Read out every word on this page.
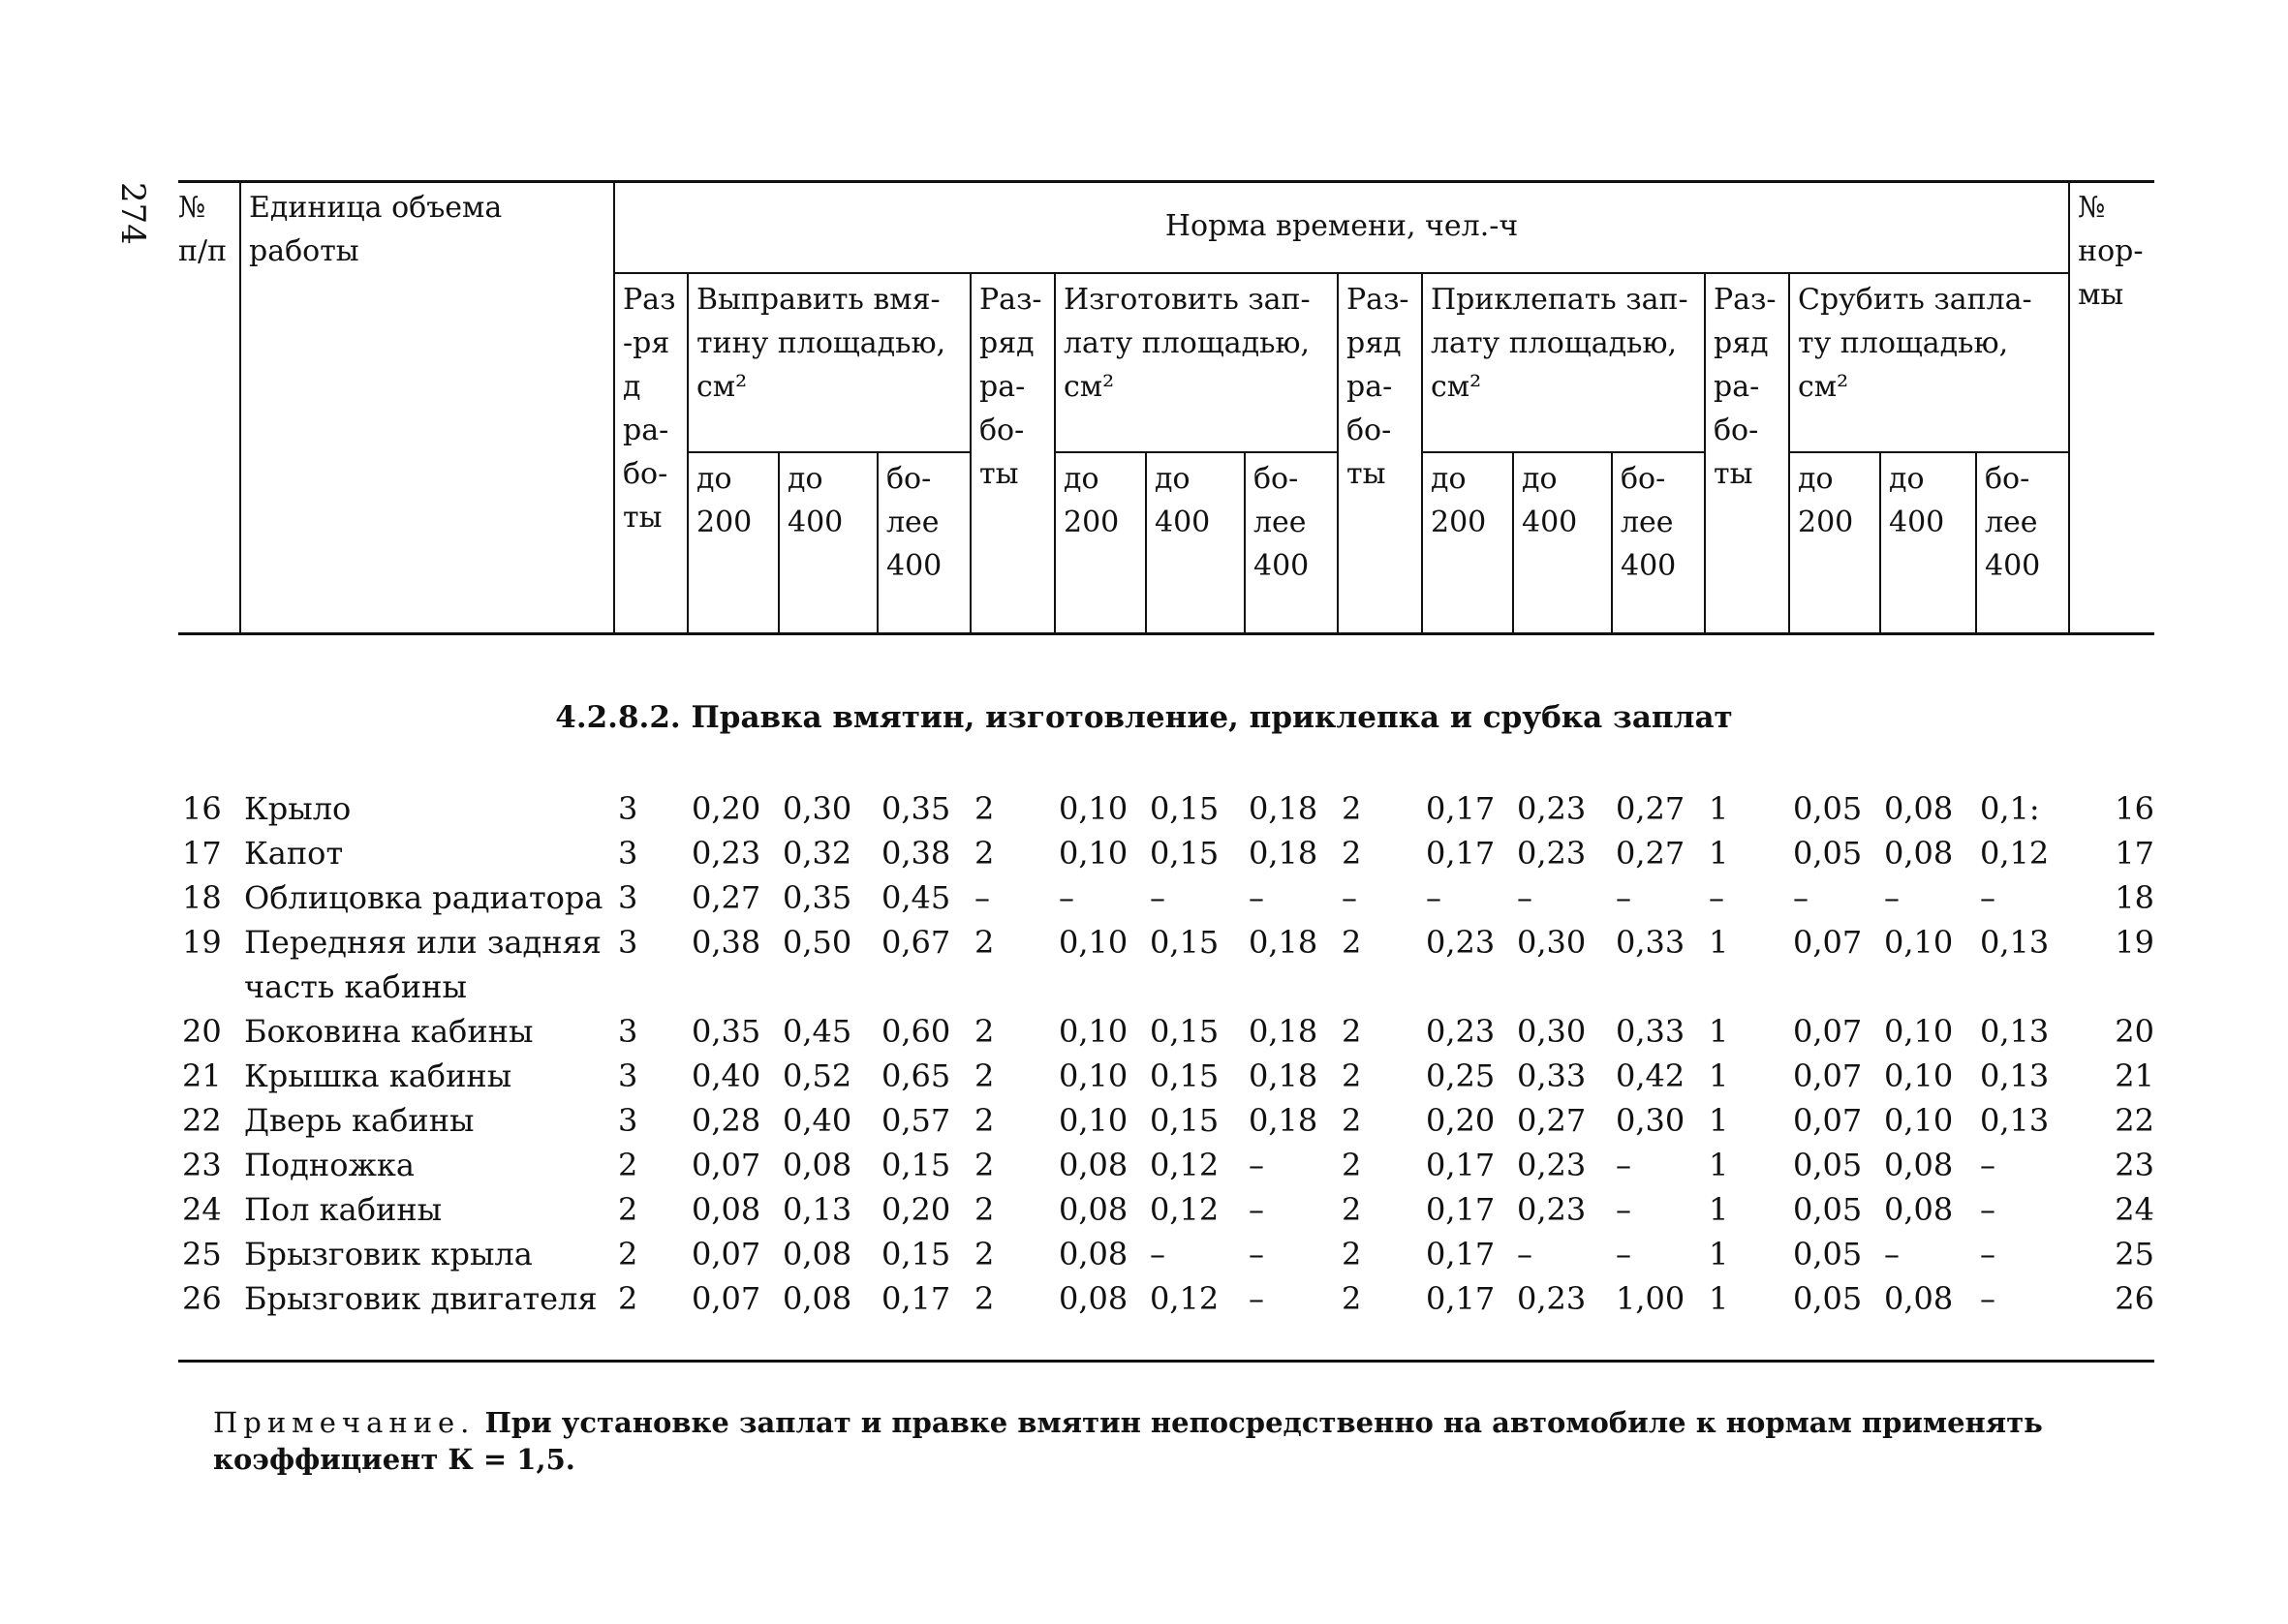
274 № п/п	Единица объема работы	Норма времени, чел.-ч																№ нор-мы
		Раз-ряд ра-бо-ты	Выправить вмя-тину площадью, см²			Раз-ряд ра-бо-ты	Изготовить зап-лату площадью, см²			Раз-ряд ра-бо-ты	Приклепать зап-лату площадью, см²			Раз-ряд ра-бо-ты	Срубить запла-ту площадью, см²			
			до 200	до 400	бо-лее 400		до 200	до 400	бо-лее 400		до 200	до 400	бо-лее 400		до 200	до 400	бо-лее 400	
4.2.8.2. Правка вмятин, изготовление, приклепка и срубка заплат
16	Крыло	3	0,20	0,30	0,35	2	0,10	0,15	0,18	2	0,17	0,23	0,27	1	0,05	0,08	0,1:	16
17	Капот	3	0,23	0,32	0,38	2	0,10	0,15	0,18	2	0,17	0,23	0,27	1	0,05	0,08	0,12	17
18	Облицовка радиатора	3	0,27	0,35	0,45	–	–	–	–	–	–	–	–	–	–	–	–	18
19	Передняя или задняя часть кабины	3	0,38	0,50	0,67	2	0,10	0,15	0,18	2	0,23	0,30	0,33	1	0,07	0,10	0,13	19
20	Боковина кабины	3	0,35	0,45	0,60	2	0,10	0,15	0,18	2	0,23	0,30	0,33	1	0,07	0,10	0,13	20
21	Крышка кабины	3	0,40	0,52	0,65	2	0,10	0,15	0,18	2	0,25	0,33	0,42	1	0,07	0,10	0,13	21
22	Дверь кабины	3	0,28	0,40	0,57	2	0,10	0,15	0,18	2	0,20	0,27	0,30	1	0,07	0,10	0,13	22
23	Подножка	2	0,07	0,08	0,15	2	0,08	0,12	–	2	0,17	0,23	–	1	0,05	0,08	–	23
24	Пол кабины	2	0,08	0,13	0,20	2	0,08	0,12	–	2	0,17	0,23	–	1	0,05	0,08	–	24
25	Брызговик крыла	2	0,07	0,08	0,15	2	0,08	–	–	2	0,17	–	–	1	0,05	–	–	25
26	Брызговик двигателя	2	0,07	0,08	0,17	2	0,08	0,12	–	2	0,17	0,23	1,00	1	0,05	0,08	–	26
Примечание. При установке заплат и правке вмятин непосредственно на автомобиле к нормам применять коэффициент К = 1,5.
